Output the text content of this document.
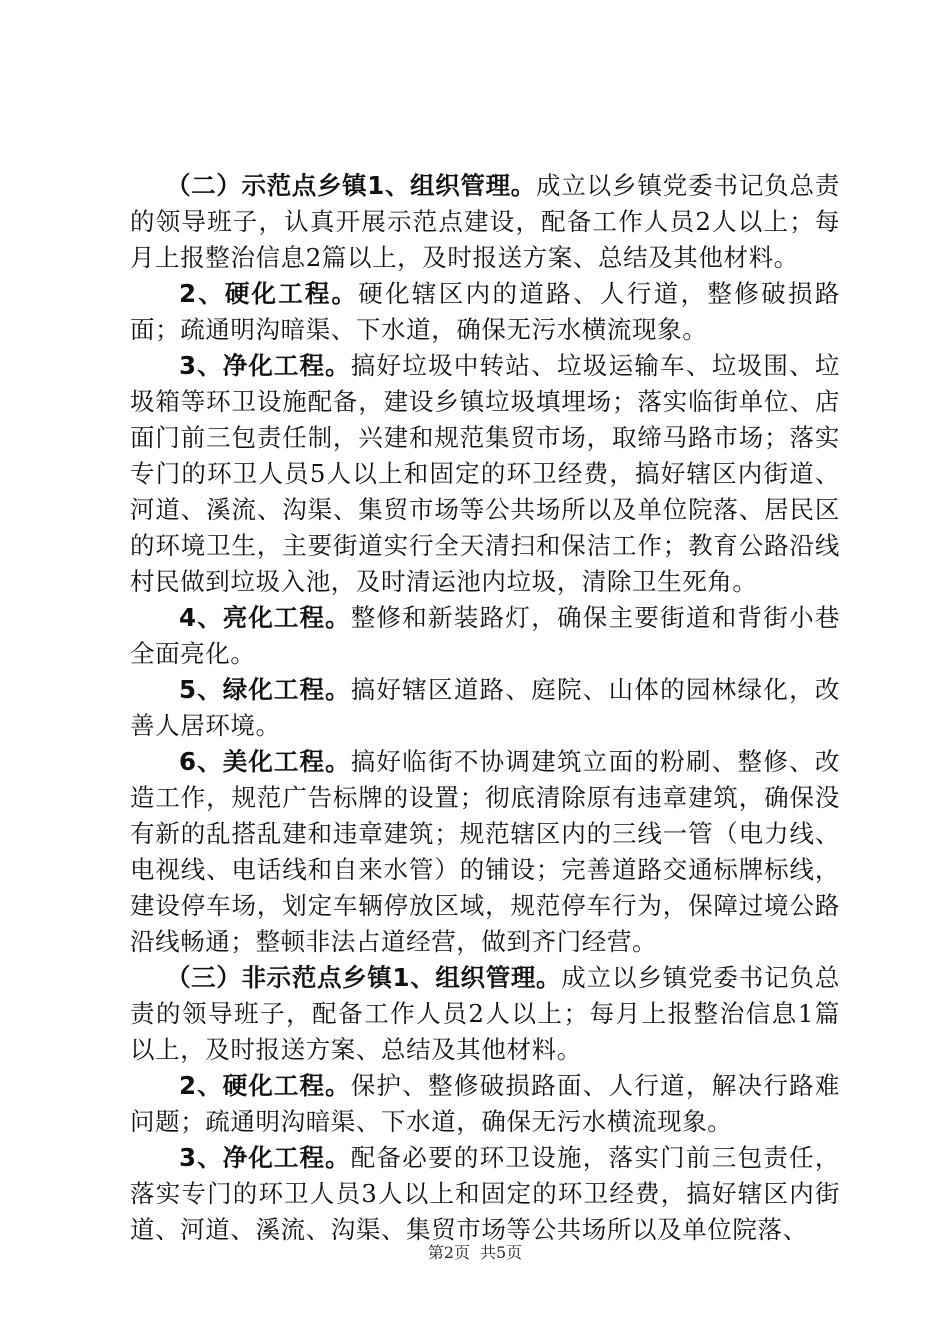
（二）示范点乡镇1、组织管理。成立以乡镇党委书记负总责的领导班子，认真开展示范点建设，配备工作人员2人以上；每月上报整治信息2篇以上，及时报送方案、总结及其他材料。

2、硬化工程。硬化辖区内的道路、人行道，整修破损路面；疏通明沟暗渠、下水道，确保无污水横流现象。

3、净化工程。搞好垃圾中转站、垃圾运输车、垃圾围、垃圾箱等环卫设施配备，建设乡镇垃圾填埋场；落实临街单位、店面门前三包责任制，兴建和规范集贸市场，取缔马路市场；落实专门的环卫人员5人以上和固定的环卫经费，搞好辖区内街道、河道、溪流、沟渠、集贸市场等公共场所以及单位院落、居民区的环境卫生，主要街道实行全天清扫和保洁工作；教育公路沿线村民做到垃圾入池，及时清运池内垃圾，清除卫生死角。

4、亮化工程。整修和新装路灯，确保主要街道和背街小巷全面亮化。

5、绿化工程。搞好辖区道路、庭院、山体的园林绿化，改善人居环境。

6、美化工程。搞好临街不协调建筑立面的粉刷、整修、改造工作，规范广告标牌的设置；彻底清除原有违章建筑，确保没有新的乱搭乱建和违章建筑；规范辖区内的三线一管（电力线、电视线、电话线和自来水管）的铺设；完善道路交通标牌标线，建设停车场，划定车辆停放区域，规范停车行为，保障过境公路沿线畅通；整顿非法占道经营，做到齐门经营。

（三）非示范点乡镇1、组织管理。成立以乡镇党委书记负总责的领导班子，配备工作人员2人以上；每月上报整治信息1篇以上，及时报送方案、总结及其他材料。

2、硬化工程。保护、整修破损路面、人行道，解决行路难问题；疏通明沟暗渠、下水道，确保无污水横流现象。

3、净化工程。配备必要的环卫设施，落实门前三包责任，落实专门的环卫人员3人以上和固定的环卫经费，搞好辖区内街道、河道、溪流、沟渠、集贸市场等公共场所以及单位院落、

第2页 共5页
